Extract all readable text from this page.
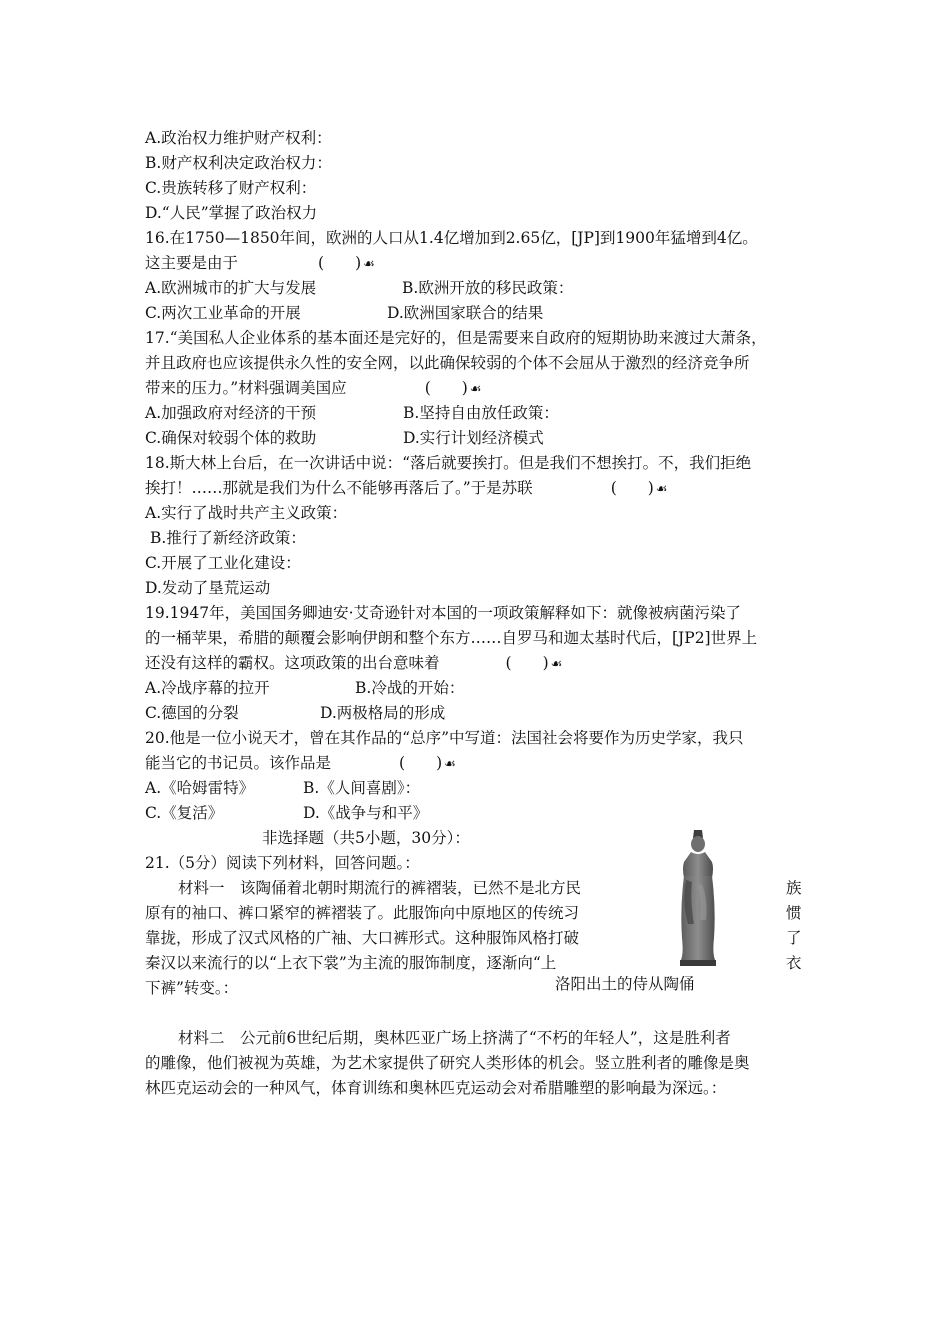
A.政治权力维护财产权利：
B.财产权利决定政治权力：
C.贵族转移了财产权利：
D.“人民”掌握了政治权力
16.在1750—1850年间，欧洲的人口从1.4亿增加到2.65亿，[JP]到1900年猛增到4亿。
这主要是由于	(　　) ☙
A.欧洲城市的扩大与发展	B.欧洲开放的移民政策：
C.两次工业革命的开展	D.欧洲国家联合的结果
17.“美国私人企业体系的基本面还是完好的，但是需要来自政府的短期协助来渡过大萧条，
并且政府也应该提供永久性的安全网，以此确保较弱的个体不会屈从于激烈的经济竞争所
带来的压力。”材料强调美国应	(　　) ☙
A.加强政府对经济的干预	B.坚持自由放任政策：
C.确保对较弱个体的救助	D.实行计划经济模式
18.斯大林上台后，在一次讲话中说：“落后就要挨打。但是我们不想挨打。不，我们拒绝
挨打！……那就是我们为什么不能够再落后了。”于是苏联	(　　) ☙
A.实行了战时共产主义政策：
B.推行了新经济政策：
C.开展了工业化建设：
D.发动了垦荒运动
19.1947年，美国国务卿迪安·艾奇逊针对本国的一项政策解释如下：就像被病菌污染了
的一桶苹果，希腊的颠覆会影响伊朗和整个东方……自罗马和迦太基时代后，[JP2]世界上
还没有这样的霸权。这项政策的出台意味着	(　　) ☙
A.冷战序幕的拉开	B.冷战的开始：
C.德国的分裂	D.两极格局的形成
20.他是一位小说天才，曾在其作品的“总序”中写道：法国社会将要作为历史学家，我只
能当它的书记员。该作品是	(　　) ☙
A.《哈姆雷特》	B.《人间喜剧》：
C.《复活》	D.《战争与和平》
非选择题（共5小题，30分）：
21.（5分）阅读下列材料，回答问题。：
材料一　该陶俑着北朝时期流行的裤褶装，已然不是北方民	族
原有的袖口、裤口紧窄的裤褶装了。此服饰向中原地区的传统习	惯
靠拢，形成了汉式风格的广袖、大口裤形式。这种服饰风格打破	了
秦汉以来流行的以“上衣下裳”为主流的服饰制度，逐渐向“上	衣
下裤”转变。：	洛阳出土的侍从陶俑
材料二　公元前6世纪后期，奥林匹亚广场上挤满了“不朽的年轻人”，这是胜利者
的雕像，他们被视为英雄，为艺术家提供了研究人类形体的机会。竖立胜利者的雕像是奥
林匹克运动会的一种风气，体育训练和奥林匹克运动会对希腊雕塑的影响最为深远。：
